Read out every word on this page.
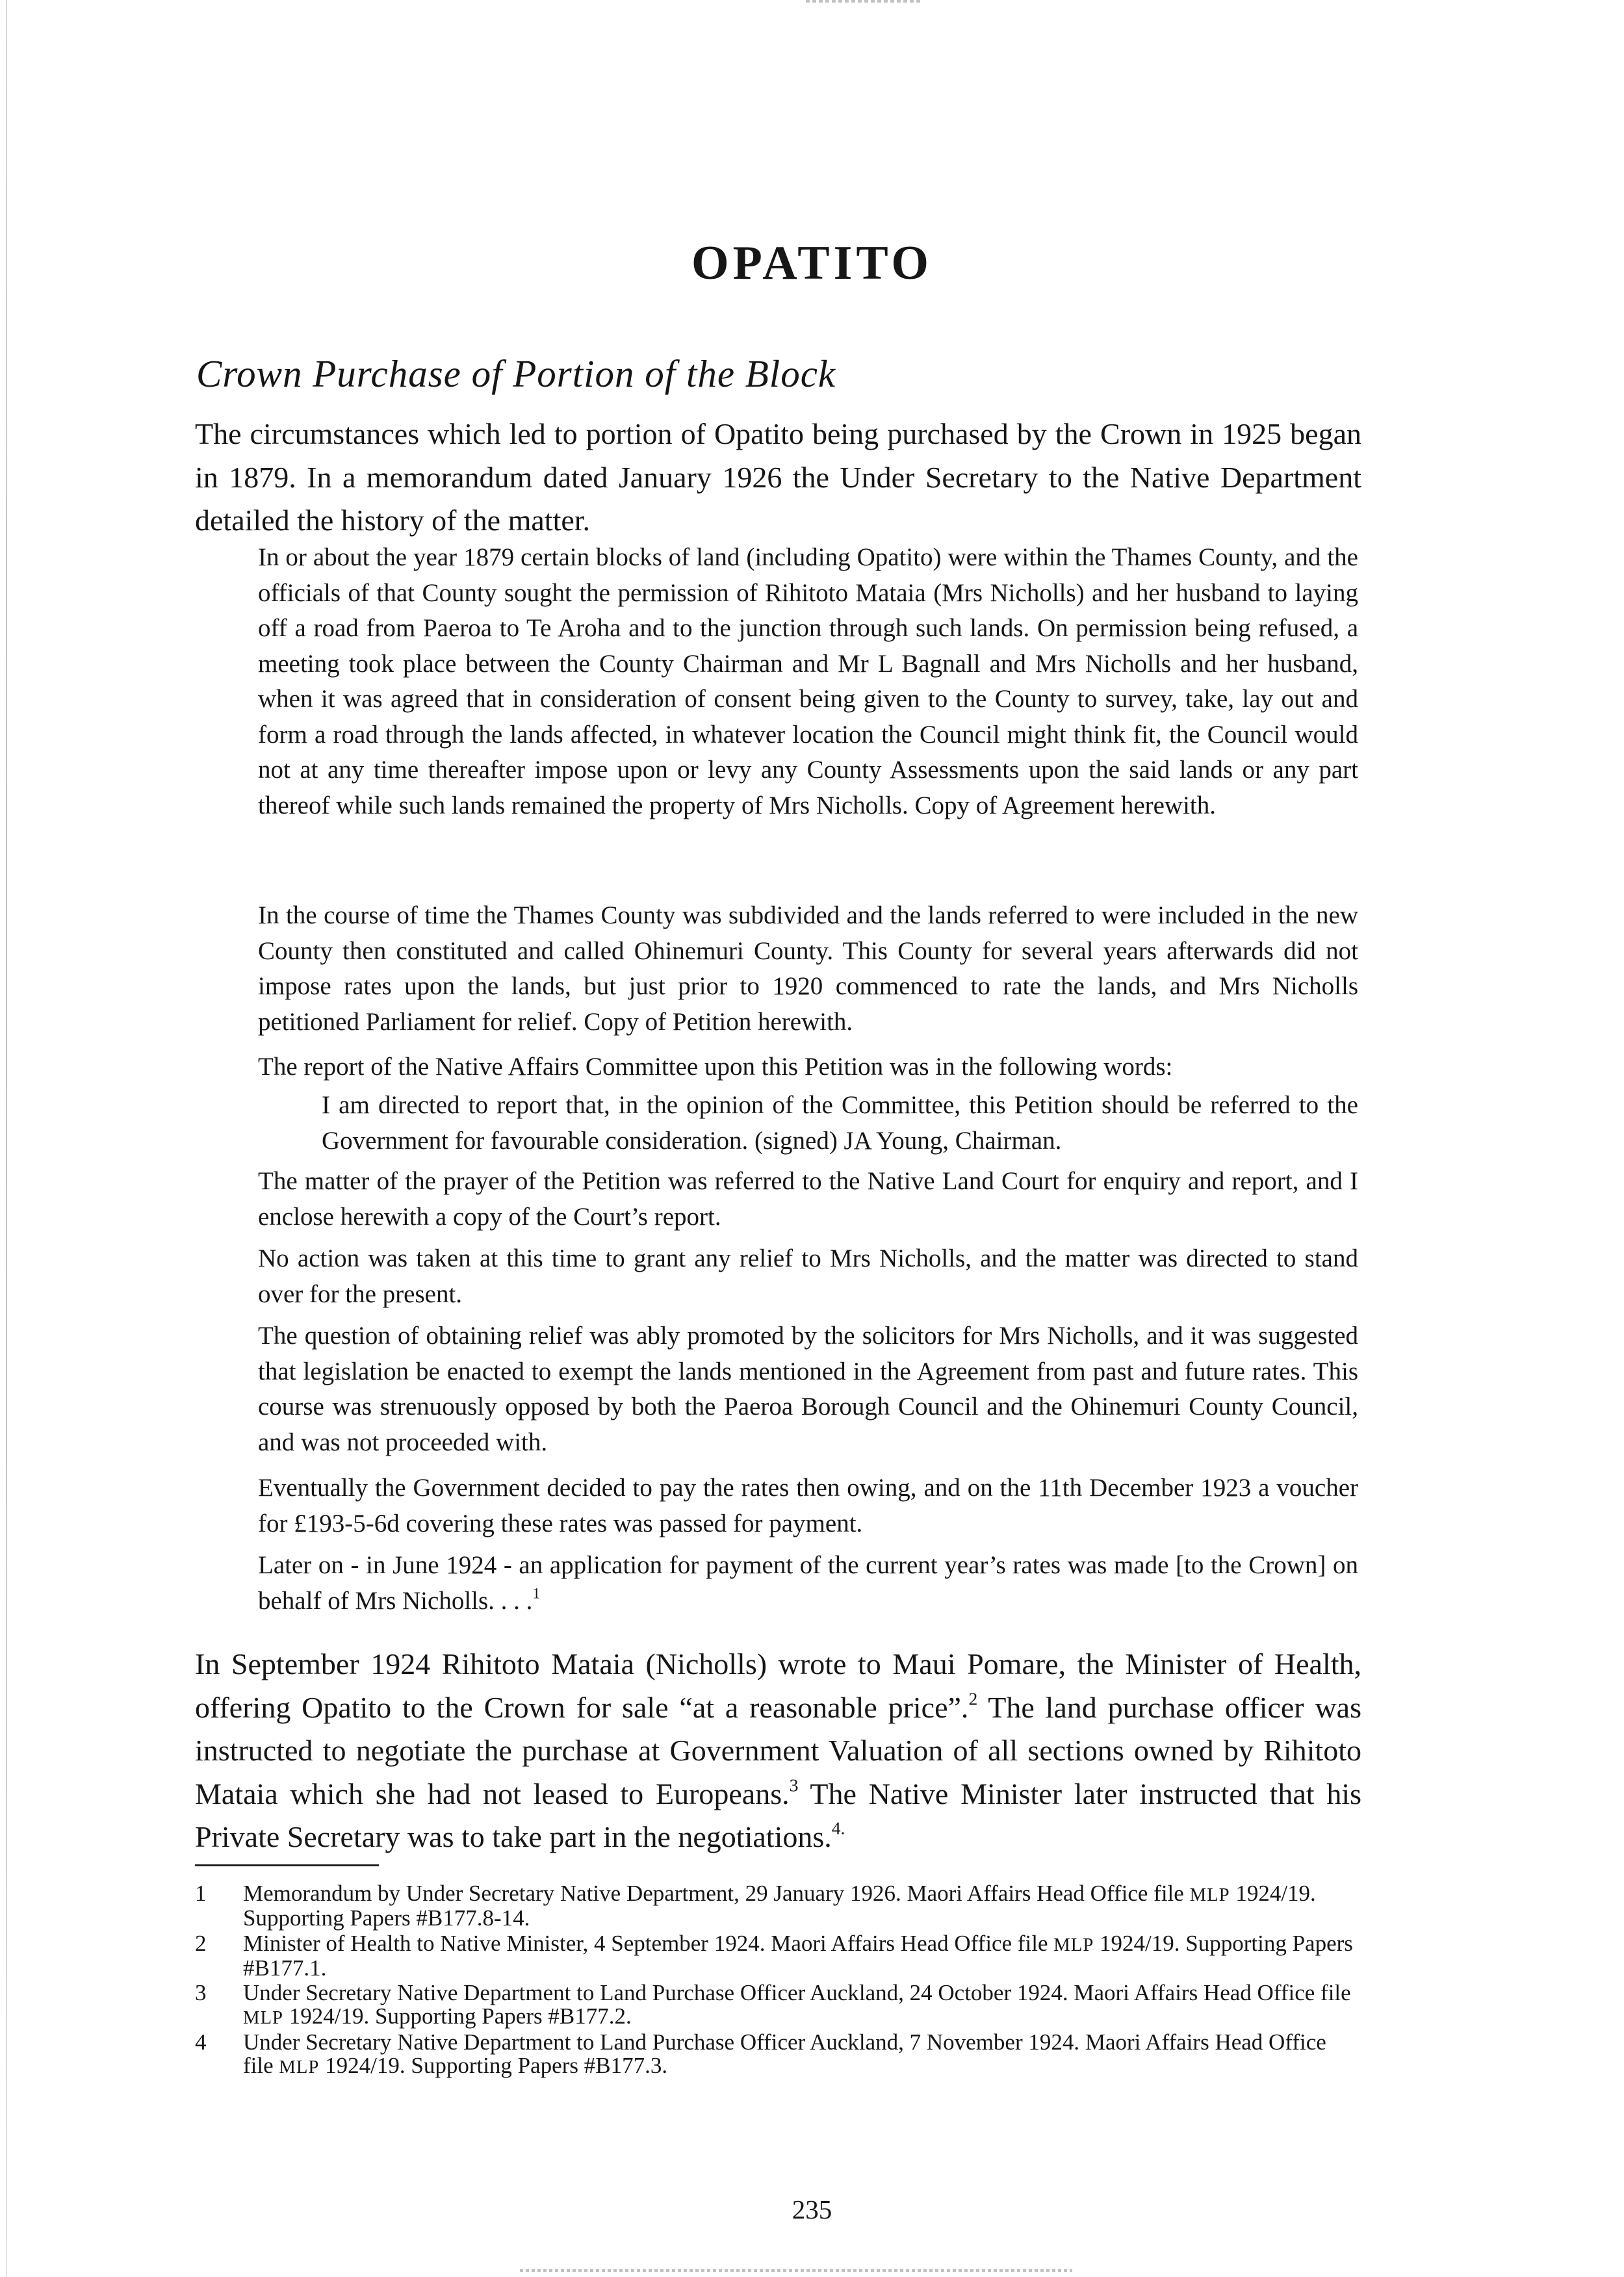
OPATITO
Crown Purchase of Portion of the Block

The circumstances which led to portion of Opatito being purchased by the Crown in 1925 began in 1879. In a memorandum dated January 1926 the Under Secretary to the Native Department detailed the history of the matter.

In or about the year 1879 certain blocks of land (including Opatito) were within the Thames County, and the officials of that County sought the permission of Rihitoto Mataia (Mrs Nicholls) and her husband to laying off a road from Paeroa to Te Aroha and to the junction through such lands. On permission being refused, a meeting took place between the County Chairman and Mr L Bagnall and Mrs Nicholls and her husband, when it was agreed that in consideration of consent being given to the County to survey, take, lay out and form a road through the lands affected, in whatever location the Council might think fit, the Council would not at any time thereafter impose upon or levy any County Assessments upon the said lands or any part thereof while such lands remained the property of Mrs Nicholls. Copy of Agreement herewith.

In the course of time the Thames County was subdivided and the lands referred to were included in the new County then constituted and called Ohinemuri County. This County for several years afterwards did not impose rates upon the lands, but just prior to 1920 commenced to rate the lands, and Mrs Nicholls petitioned Parliament for relief. Copy of Petition herewith.

The report of the Native Affairs Committee upon this Petition was in the following words:

I am directed to report that, in the opinion of the Committee, this Petition should be referred to the Government for favourable consideration. (signed) JA Young, Chairman.

The matter of the prayer of the Petition was referred to the Native Land Court for enquiry and report, and I enclose herewith a copy of the Court’s report.

No action was taken at this time to grant any relief to Mrs Nicholls, and the matter was directed to stand over for the present.

The question of obtaining relief was ably promoted by the solicitors for Mrs Nicholls, and it was suggested that legislation be enacted to exempt the lands mentioned in the Agreement from past and future rates. This course was strenuously opposed by both the Paeroa Borough Council and the Ohinemuri County Council, and was not proceeded with.

Eventually the Government decided to pay the rates then owing, and on the 11th December 1923 a voucher for £193-5-6d covering these rates was passed for payment.

Later on - in June 1924 - an application for payment of the current year’s rates was made [to the Crown] on behalf of Mrs Nicholls. . . .$^1$

In September 1924 Rihitoto Mataia (Nicholls) wrote to Maui Pomare, the Minister of Health, offering Opatito to the Crown for sale “at a reasonable price”.$^2$ The land purchase officer was instructed to negotiate the purchase at Government Valuation of all sections owned by Rihitoto Mataia which she had not leased to Europeans.$^3$ The Native Minister later instructed that his Private Secretary was to take part in the negotiations.$^{4.}$

1	Memorandum by Under Secretary Native Department, 29 January 1926. Maori Affairs Head Office file MLP 1924/19. Supporting Papers #B177.8-14.

2	Minister of Health to Native Minister, 4 September 1924. Maori Affairs Head Office file MLP 1924/19. Supporting Papers #B177.1.

3	Under Secretary Native Department to Land Purchase Officer Auckland, 24 October 1924. Maori Affairs Head Office file MLP 1924/19. Supporting Papers #B177.2.

4	Under Secretary Native Department to Land Purchase Officer Auckland, 7 November 1924. Maori Affairs Head Office file MLP 1924/19. Supporting Papers #B177.3.

235
